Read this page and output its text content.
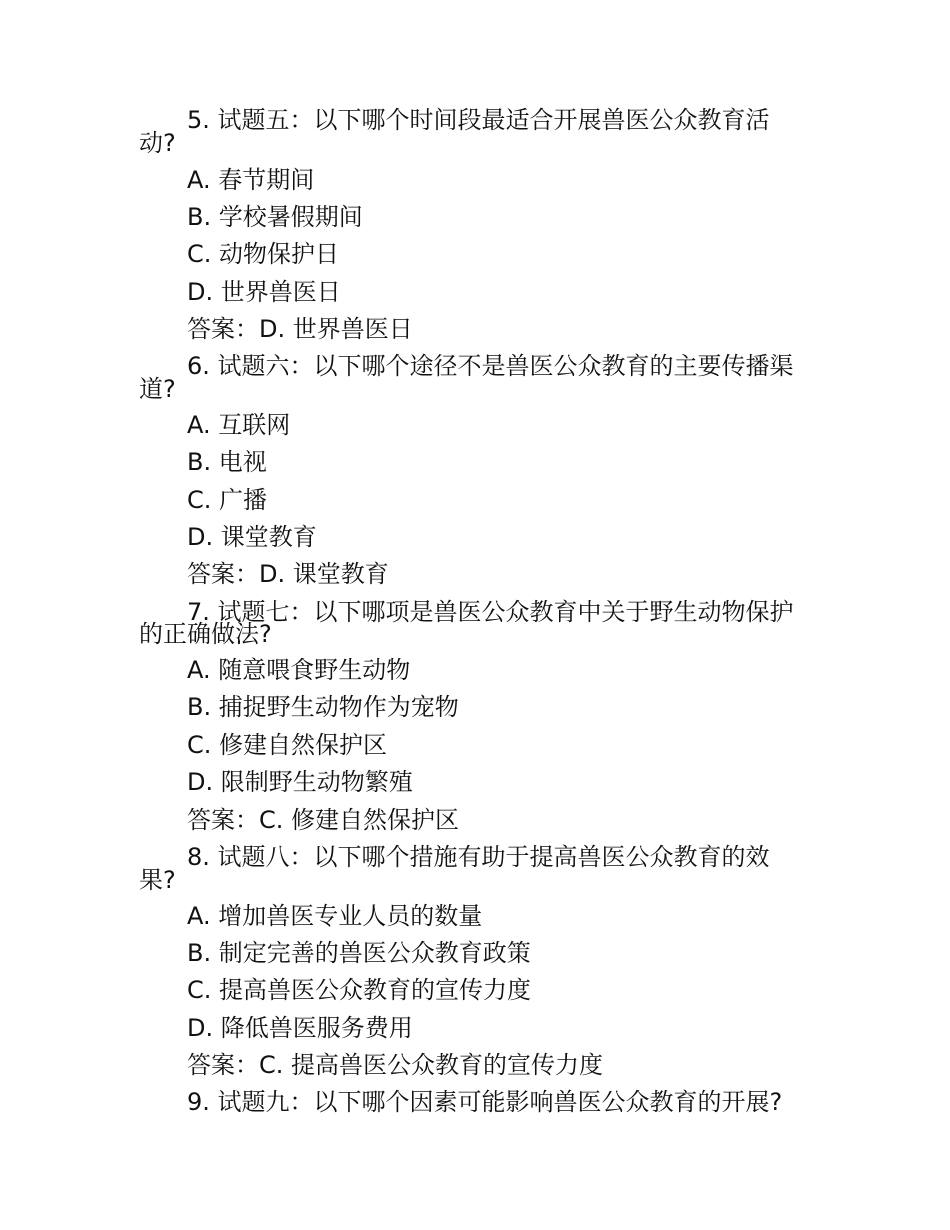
5. 试题五：以下哪个时间段最适合开展兽医公众教育活
动?
A. 春节期间
B. 学校暑假期间
C. 动物保护日
D. 世界兽医日
答案：D. 世界兽医日
6. 试题六：以下哪个途径不是兽医公众教育的主要传播渠
道?
A. 互联网
B. 电视
C. 广播
D. 课堂教育
答案：D. 课堂教育
7. 试题七：以下哪项是兽医公众教育中关于野生动物保护
的正确做法?
A. 随意喂食野生动物
B. 捕捉野生动物作为宠物
C. 修建自然保护区
D. 限制野生动物繁殖
答案：C. 修建自然保护区
8. 试题八：以下哪个措施有助于提高兽医公众教育的效
果?
A. 增加兽医专业人员的数量
B. 制定完善的兽医公众教育政策
C. 提高兽医公众教育的宣传力度
D. 降低兽医服务费用
答案：C. 提高兽医公众教育的宣传力度
9. 试题九：以下哪个因素可能影响兽医公众教育的开展?
